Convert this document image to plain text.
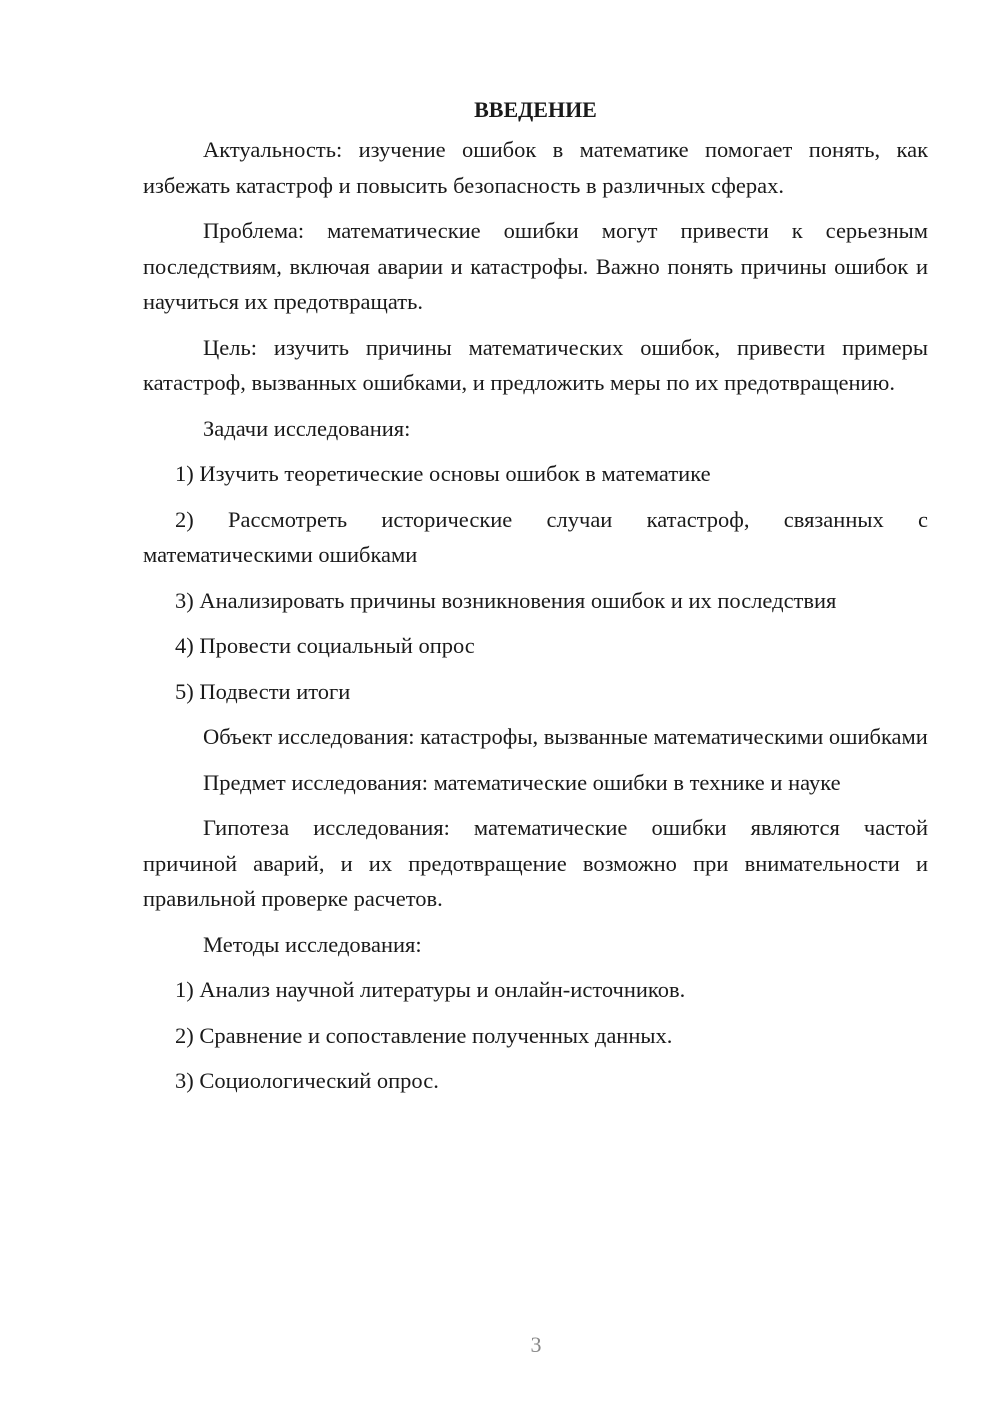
ВВЕДЕНИЕ

Актуальность: изучение ошибок в математике помогает понять, как избежать катастроф и повысить безопасность в различных сферах.

Проблема: математические ошибки могут привести к серьезным последствиям, включая аварии и катастрофы. Важно понять причины ошибок и научиться их предотвращать.

Цель: изучить причины математических ошибок, привести примеры катастроф, вызванных ошибками, и предложить меры по их предотвращению.

Задачи исследования:

1) Изучить теоретические основы ошибок в математике

2) Рассмотреть исторические случаи катастроф, связанных с математическими ошибками

3) Анализировать причины возникновения ошибок и их последствия

4) Провести социальный опрос

5) Подвести итоги

Объект исследования: катастрофы, вызванные математическими ошибками

Предмет исследования: математические ошибки в технике и науке

Гипотеза исследования: математические ошибки являются частой причиной аварий, и их предотвращение возможно при внимательности и правильной проверке расчетов.

Методы исследования:

1) Анализ научной литературы и онлайн-источников.

2) Сравнение и сопоставление полученных данных.

3) Социологический опрос.

3
